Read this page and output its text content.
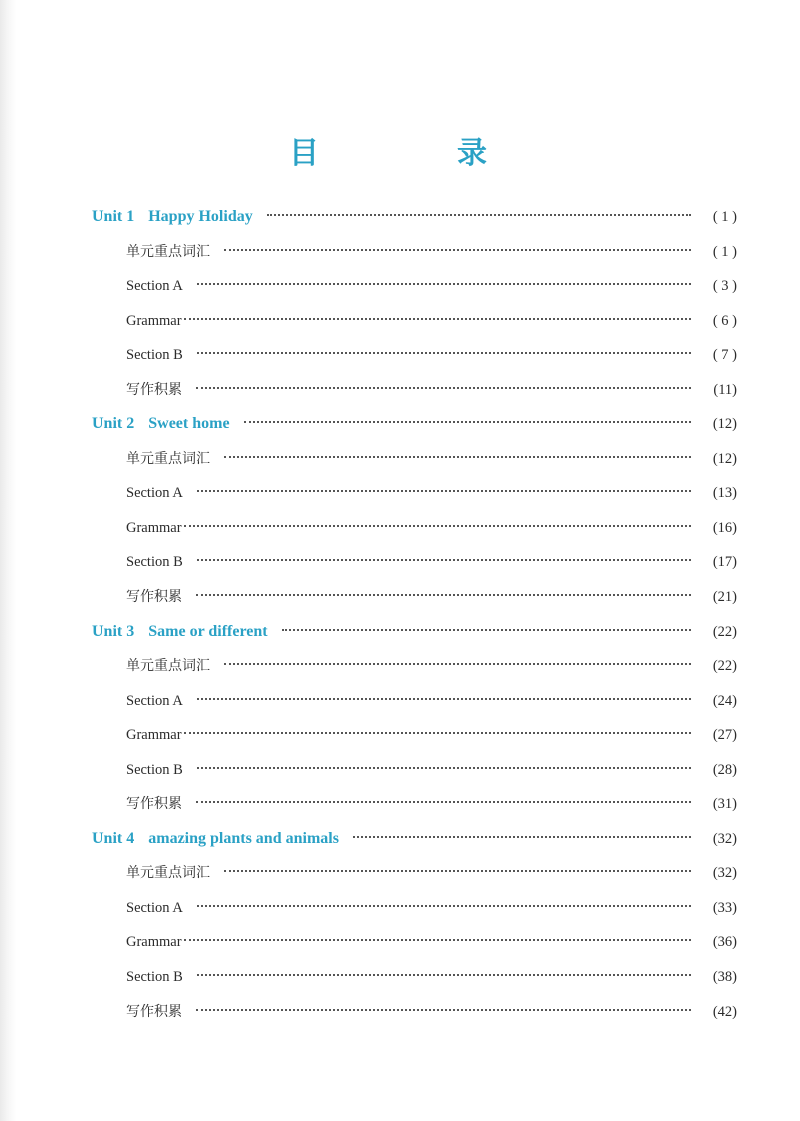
目　录
Unit 1 Happy Holiday	( 1 )
单元重点词汇	( 1 )
Section A	( 3 )
Grammar	( 6 )
Section B	( 7 )
写作积累	(11)
Unit 2 Sweet home	(12)
单元重点词汇	(12)
Section A	(13)
Grammar	(16)
Section B	(17)
写作积累	(21)
Unit 3 Same or different	(22)
单元重点词汇	(22)
Section A	(24)
Grammar	(27)
Section B	(28)
写作积累	(31)
Unit 4 amazing plants and animals	(32)
单元重点词汇	(32)
Section A	(33)
Grammar	(36)
Section B	(38)
写作积累	(42)
